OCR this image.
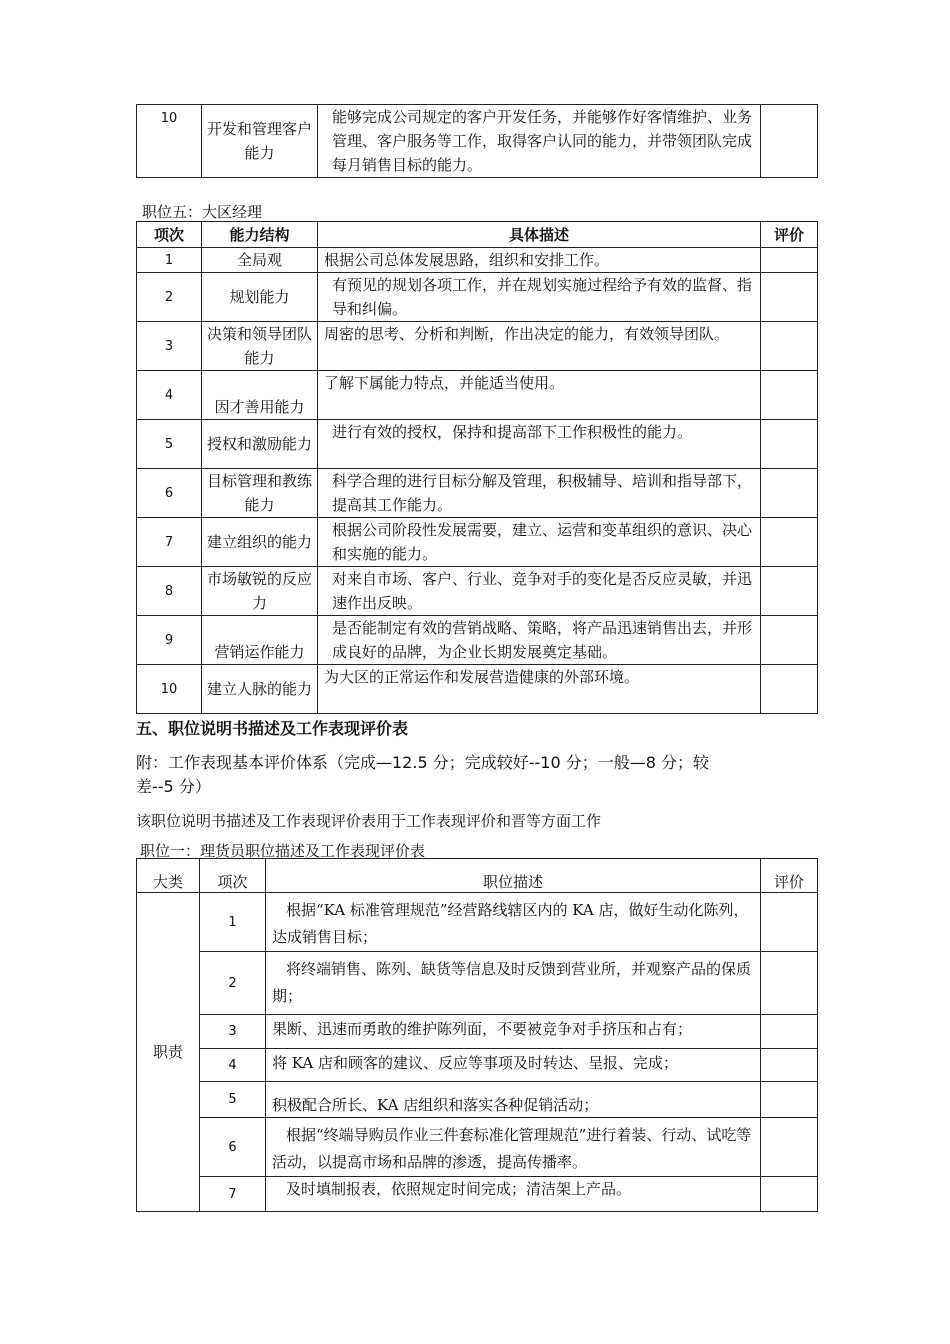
10	开发和管理客户能力	能够完成公司规定的客户开发任务，并能够作好客情维护、业务管理、客户服务等工作，取得客户认同的能力，并带领团队完成每月销售目标的能力。	
职位五：大区经理
项次	能力结构	具体描述	评价
1	全局观	根据公司总体发展思路，组织和安排工作。	
2	规划能力	有预见的规划各项工作，并在规划实施过程给予有效的监督、指导和纠偏。	
3	决策和领导团队能力	周密的思考、分析和判断，作出决定的能力，有效领导团队。	
4	因才善用能力	了解下属能力特点，并能适当使用。	
5	授权和激励能力	进行有效的授权，保持和提高部下工作积极性的能力。	
6	目标管理和教练能力	科学合理的进行目标分解及管理，积极辅导、培训和指导部下，提高其工作能力。	
7	建立组织的能力	根据公司阶段性发展需要，建立、运营和变革组织的意识、决心和实施的能力。	
8	市场敏锐的反应力	对来自市场、客户、行业、竞争对手的变化是否反应灵敏，并迅速作出反映。	
9	营销运作能力	是否能制定有效的营销战略、策略，将产品迅速销售出去，并形成良好的品牌，为企业长期发展奠定基础。	
10	建立人脉的能力	为大区的正常运作和发展营造健康的外部环境。	
五、职位说明书描述及工作表现评价表
附：工作表现基本评价体系（完成—12.5 分；完成较好--10 分；一般—8 分；较
差--5 分）
该职位说明书描述及工作表现评价表用于工作表现评价和晋等方面工作
职位一：理货员职位描述及工作表现评价表
大类	项次	职位描述	评价
职责	1	根据“KA 标准管理规范”经营路线辖区内的 KA 店，做好生动化陈列，达成销售目标；	
	2	将终端销售、陈列、缺货等信息及时反馈到营业所，并观察产品的保质期；	
	3	果断、迅速而勇敢的维护陈列面，不要被竞争对手挤压和占有；	
	4	将 KA 店和顾客的建议、反应等事项及时转达、呈报、完成；	
	5	积极配合所长、KA 店组织和落实各种促销活动；	
	6	根据“终端导购员作业三件套标准化管理规范”进行着装、行动、试吃等活动，以提高市场和品牌的渗透，提高传播率。	
	7	及时填制报表，依照规定时间完成；清洁架上产品。	
